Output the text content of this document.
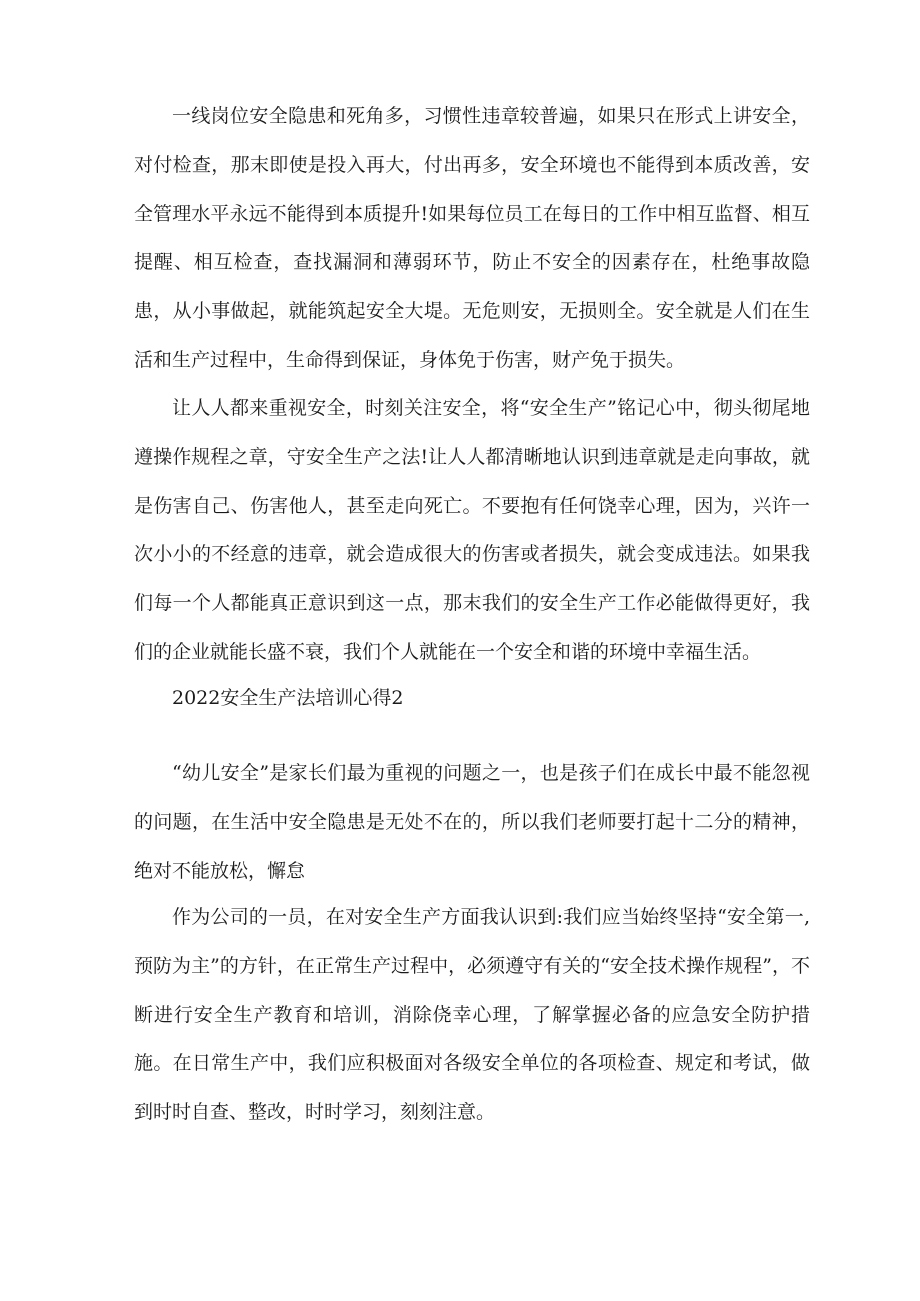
一线岗位安全隐患和死角多，习惯性违章较普遍，如果只在形式上讲安全，对付检查，那末即使是投入再大，付出再多，安全环境也不能得到本质改善，安全管理水平永远不能得到本质提升!如果每位员工在每日的工作中相互监督、相互提醒、相互检查，查找漏洞和薄弱环节，防止不安全的因素存在，杜绝事故隐患，从小事做起，就能筑起安全大堤。无危则安，无损则全。安全就是人们在生活和生产过程中，生命得到保证，身体免于伤害，财产免于损失。

让人人都来重视安全，时刻关注安全，将“安全生产”铭记心中，彻头彻尾地遵操作规程之章，守安全生产之法!让人人都清晰地认识到违章就是走向事故，就是伤害自己、伤害他人，甚至走向死亡。不要抱有任何饶幸心理，因为，兴许一次小小的不经意的违章，就会造成很大的伤害或者损失，就会变成违法。如果我们每一个人都能真正意识到这一点，那末我们的安全生产工作必能做得更好，我们的企业就能长盛不衰，我们个人就能在一个安全和谐的环境中幸福生活。

2022安全生产法培训心得2

“幼儿安全”是家长们最为重视的问题之一，也是孩子们在成长中最不能忽视的问题，在生活中安全隐患是无处不在的，所以我们老师要打起十二分的精神，绝对不能放松，懈怠

作为公司的一员，在对安全生产方面我认识到:我们应当始终坚持“安全第一,预防为主”的方针，在正常生产过程中，必须遵守有关的“安全技术操作规程”，不断进行安全生产教育和培训，消除侥幸心理，了解掌握必备的应急安全防护措施。在日常生产中，我们应积极面对各级安全单位的各项检查、规定和考试，做到时时自查、整改，时时学习，刻刻注意。
